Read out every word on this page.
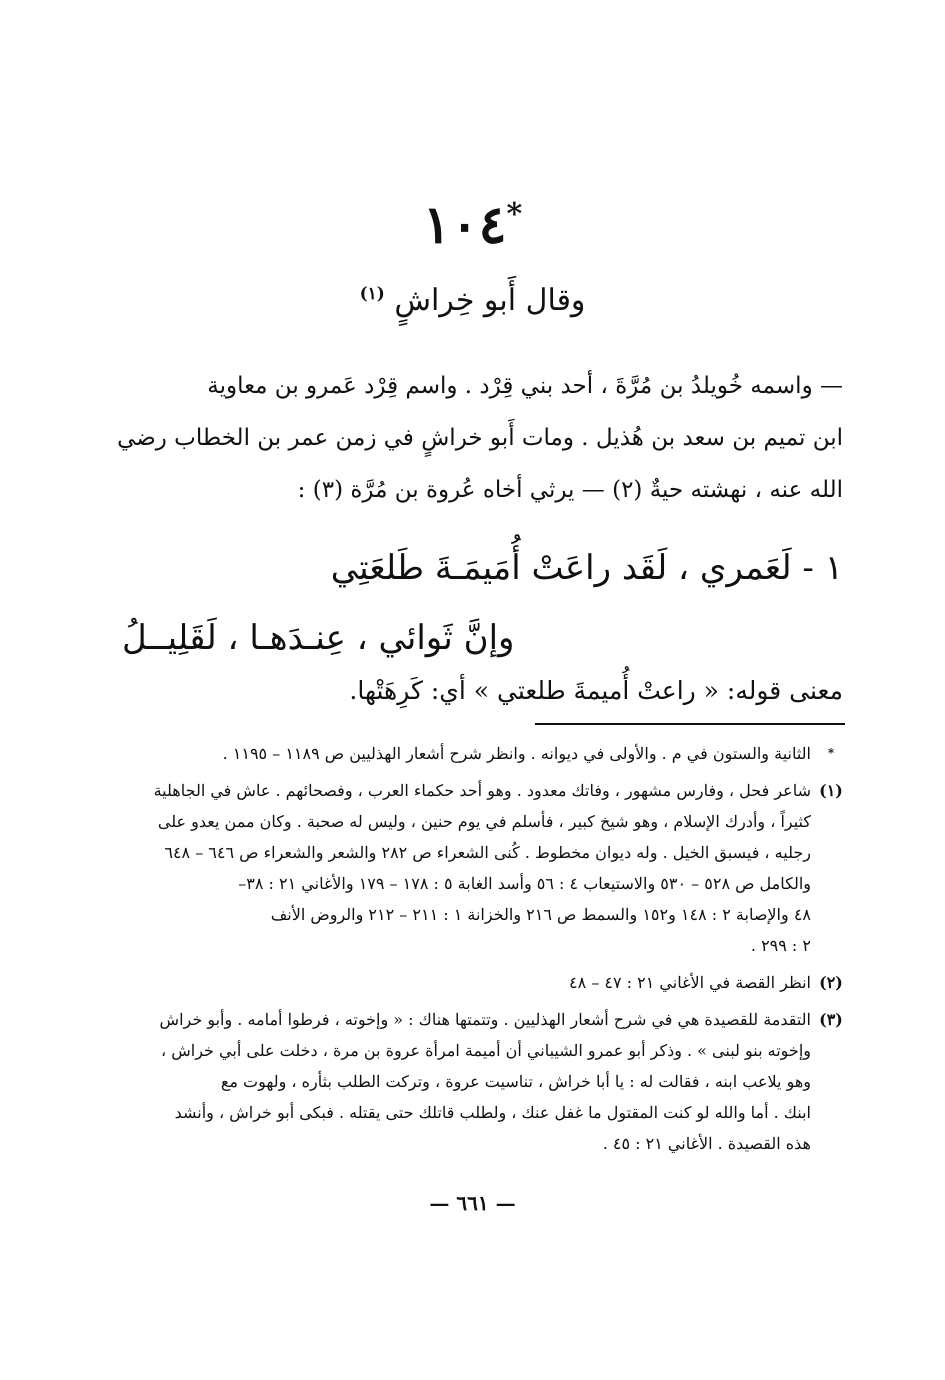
*١٠٤
وقال أَبو خِراشٍ $^{(١)}$
— واسمه خُويلدُ بن مُرَّةَ ، أحد بني قِرْد . واسم قِرْد عَمرو بن معاوية
ابن تميم بن سعد بن هُذيل . ومات أَبو خراشٍ في زمن عمر بن الخطاب رضي
الله عنه ، نهشته حيةٌ (٢) — يرثي أخاه عُروة بن مُرَّة (٣) :
١ - لَعَمري ، لَقَد راعَتْ أُمَيمَـةَ طَلعَتِي
وإنَّ ثَوائي ، عِنـدَهـا ، لَقَلِيــلُ
معنى قوله: « راعتْ أُميمةَ طلعتي » أي: كَرِهَتْها.
*
الثانية والستون في م . والأولى في ديوانه . وانظر شرح أشعار الهذليين ص ١١٨٩ – ١١٩٥ .
(١)
شاعر فحل ، وفارس مشهور ، وفاتك معدود . وهو أحد حكماء العرب ، وفصحائهم . عاش في الجاهلية
كثيراً ، وأدرك الإسلام ، وهو شيخ كبير ، فأسلم في يوم حنين ، وليس له صحبة . وكان ممن يعدو على
رجليه ، فيسبق الخيل . وله ديوان مخطوط . كُنى الشعراء ص ٢٨٢ والشعر والشعراء ص ٦٤٦ – ٦٤٨
والكامل ص ٥٢٨ – ٥٣٠ والاستيعاب ٤ : ٥٦ وأسد الغابة ٥ : ١٧٨ – ١٧٩ والأغاني ٢١ : ٣٨–
٤٨ والإصابة ٢ : ١٤٨ و١٥٢ والسمط ص ٢١٦ والخزانة ١ : ٢١١ – ٢١٢ والروض الأنف
٢ : ٢٩٩ .
(٢)
انظر القصة في الأغاني ٢١ : ٤٧ – ٤٨
(٣)
التقدمة للقصيدة هي في شرح أشعار الهذليين . وتتمتها هناك : « وإخوته ، فرطوا أمامه . وأبو خراش
وإخوته بنو لبنى » . وذكر أبو عمرو الشيباني أن أميمة امرأة عروة بن مرة ، دخلت على أبي خراش ،
وهو يلاعب ابنه ، فقالت له : يا أبا خراش ، تناسيت عروة ، وتركت الطلب بثأره ، ولهوت مع
ابنك . أما والله لو كنت المقتول ما غفل عنك ، ولطلب قاتلك حتى يقتله . فبكى أبو خراش ، وأنشد
هذه القصيدة . الأغاني ٢١ : ٤٥ .
— ٦٦١ —
